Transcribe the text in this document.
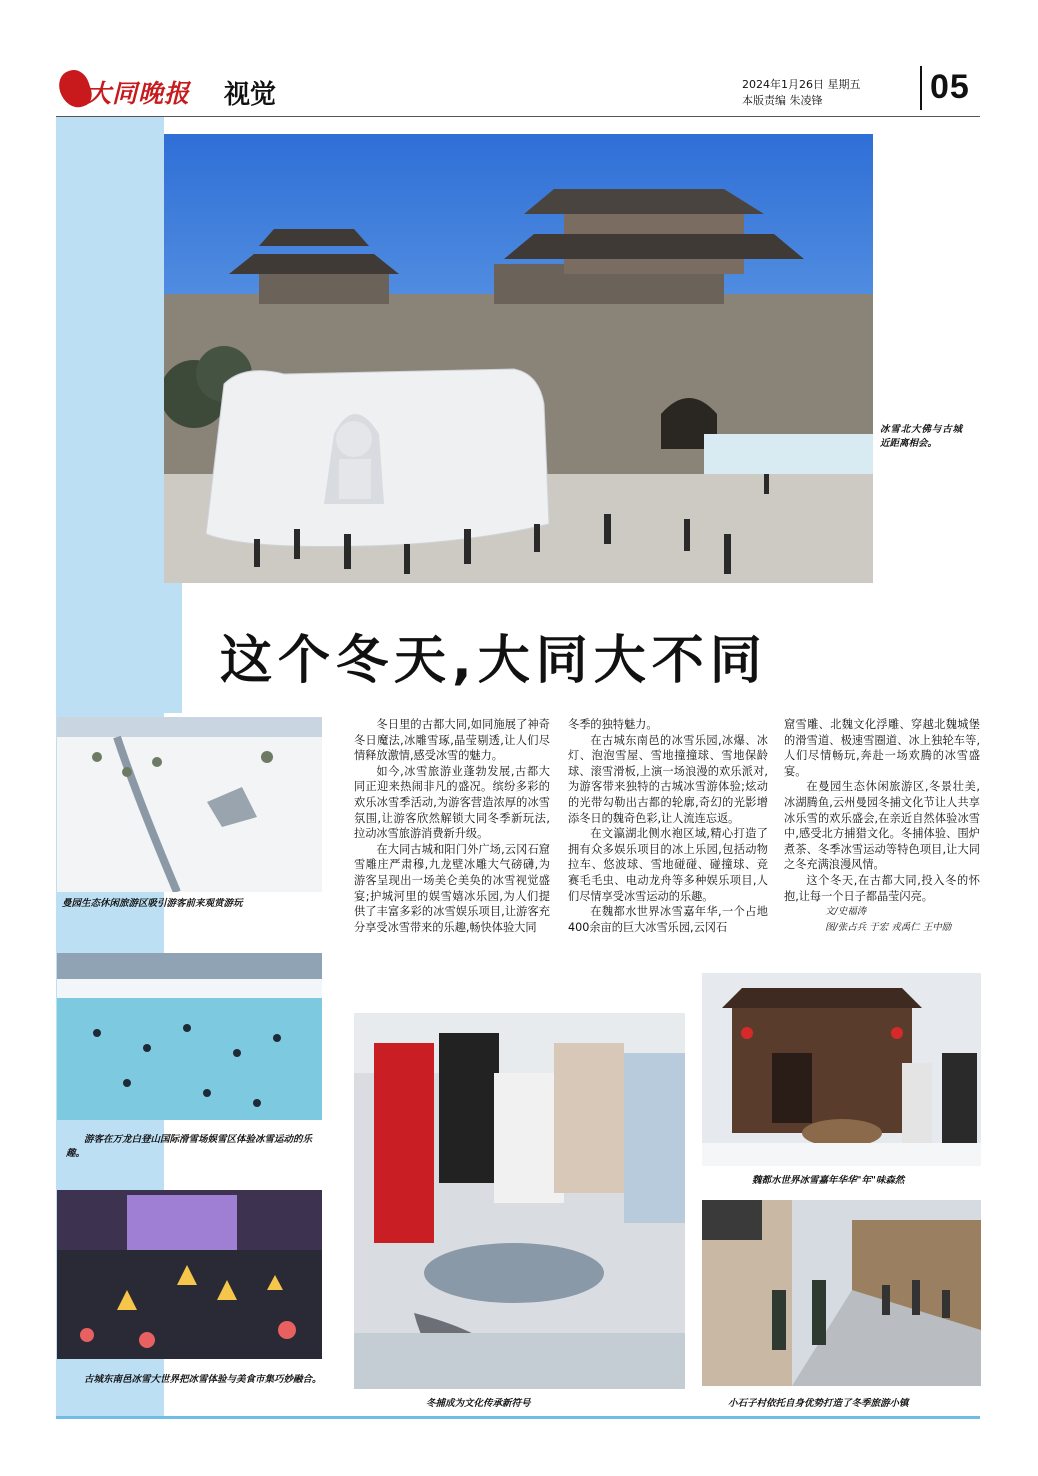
大同晚报 视觉	2024年1月26日 星期五
本版责编 朱凌锋	05
冰雪北大佛与古城近距离相会。
这个冬天,大同大不同
曼园生态休闲旅游区吸引游客前来观赏游玩
游客在万龙白登山国际滑雪场娱雪区体验冰雪运动的乐趣。
古城东南邑冰雪大世界把冰雪体验与美食市集巧妙融合。

冬日里的古都大同,如同施展了神奇冬日魔法,冰雕雪琢,晶莹剔透,让人们尽情释放激情,感受冰雪的魅力。

如今,冰雪旅游业蓬勃发展,古都大同正迎来热闹非凡的盛况。缤纷多彩的欢乐冰雪季活动,为游客营造浓厚的冰雪氛围,让游客欣然解锁大同冬季新玩法,拉动冰雪旅游消费新升级。

在大同古城和阳门外广场,云冈石窟雪雕庄严肃穆,九龙壁冰雕大气磅礴,为游客呈现出一场美仑美奂的冰雪视觉盛宴;护城河里的娱雪嬉冰乐园,为人们提供了丰富多彩的冰雪娱乐项目,让游客充分享受冰雪带来的乐趣,畅快体验大同

冬季的独特魅力。

在古城东南邑的冰雪乐园,冰爆、冰灯、泡泡雪屋、雪地撞撞球、雪地保龄球、滚雪滑板,上演一场浪漫的欢乐派对,为游客带来独特的古城冰雪游体验;炫动的光带勾勒出古都的轮廓,奇幻的光影增添冬日的魏奇色彩,让人流连忘返。

在文瀛湖北侧水袍区域,精心打造了拥有众多娱乐项目的冰上乐园,包括动物拉车、悠波球、雪地碰碰、碰撞球、竞赛毛毛虫、电动龙舟等多种娱乐项目,人们尽情享受冰雪运动的乐趣。

在魏都水世界冰雪嘉年华,一个占地400余亩的巨大冰雪乐园,云冈石

窟雪雕、北魏文化浮雕、穿越北魏城堡的滑雪道、极速雪圈道、冰上独轮车等,人们尽情畅玩,奔赴一场欢腾的冰雪盛宴。

在曼园生态休闲旅游区,冬景壮美,冰湖腾鱼,云州曼园冬捕文化节让人共享冰乐雪的欢乐盛会,在亲近自然体验冰雪中,感受北方捕猎文化。冬捕体验、围炉煮茶、冬季冰雪运动等特色项目,让大同之冬充满浪漫风情。

这个冬天,在古都大同,投入冬的怀抱,让每一个日子都晶莹闪亮。

文/史福涛

图/张占兵 于宏 戎禹仁 王中励

冬捕成为文化传承新符号
魏都水世界冰雪嘉年华华"年"味森然
小石子村依托自身优势打造了冬季旅游小镇
